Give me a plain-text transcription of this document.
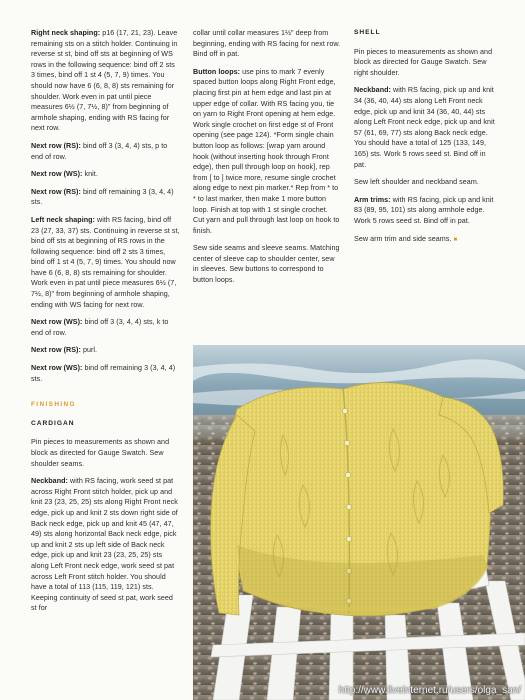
Right neck shaping: p16 (17, 21, 23). Leave remaining sts on a stitch holder. Continuing in reverse st st, bind off sts at beginning of WS rows in the following sequence: bind off 2 sts 3 times, bind off 1 st 4 (5, 7, 9) times. You should now have 6 (6, 8, 8) sts remaining for shoulder. Work even in pat until piece measures 6½ (7, 7½, 8)" from beginning of armhole shaping, ending with RS facing for next row.

Next row (RS): bind off 3 (3, 4, 4) sts, p to end of row.

Next row (WS): knit.

Next row (RS): bind off remaining 3 (3, 4, 4) sts.

Left neck shaping: with RS facing, bind off 23 (27, 33, 37) sts. Continuing in reverse st st, bind off sts at beginning of RS rows in the following sequence: bind off 2 sts 3 times, bind off 1 st 4 (5, 7, 9) times. You should now have 6 (6, 8, 8) sts remaining for shoulder. Work even in pat until piece measures 6½ (7, 7½, 8)" from beginning of armhole shaping, ending with WS facing for next row.

Next row (WS): bind off 3 (3, 4, 4) sts, k to end of row.

Next row (RS): purl.

Next row (WS): bind off remaining 3 (3, 4, 4) sts.

FINISHING
CARDIGAN

Pin pieces to measurements as shown and block as directed for Gauge Swatch. Sew shoulder seams.

Neckband: with RS facing, work seed st pat across Right Front stitch holder, pick up and knit 23 (23, 25, 25) sts along Right Front neck edge, pick up and knit 2 sts down right side of Back neck edge, pick up and knit 45 (47, 47, 49) sts along horizontal Back neck edge, pick up and knit 2 sts up left side of Back neck edge, pick up and knit 23 (23, 25, 25) sts along Left Front neck edge, work seed st pat across Left Front stitch holder. You should have a total of 113 (115, 119, 121) sts. Keeping continuity of seed st pat, work seed st for

collar until collar measures 1½" deep from beginning, ending with RS facing for next row. Bind off in pat.

Button loops: use pins to mark 7 evenly spaced button loops along Right Front edge, placing first pin at hem edge and last pin at upper edge of collar. With RS facing you, tie on yarn to Right Front opening at hem edge. Work single crochet on first edge st of Front opening (see page 124). *Form single chain button loop as follows: [wrap yarn around hook (without inserting hook through Front edge), then pull through loop on hook], rep from [ to ] twice more, resume single crochet along edge to next pin marker.* Rep from * to * to last marker, then make 1 more button loop. Finish at top with 1 st single crochet. Cut yarn and pull through last loop on hook to finish.

Sew side seams and sleeve seams. Matching center of sleeve cap to shoulder center, sew in sleeves. Sew buttons to correspond to button loops.

SHELL

Pin pieces to measurements as shown and block as directed for Gauge Swatch. Sew right shoulder.

Neckband: with RS facing, pick up and knit 34 (36, 40, 44) sts along Left Front neck edge, pick up and knit 34 (36, 40, 44) sts along Left Front neck edge, pick up and knit 57 (61, 69, 77) sts along Back neck edge. You should have a total of 125 (133, 149, 165) sts. Work 5 rows seed st. Bind off in pat.

Sew left shoulder and neckband seam.

Arm trims: with RS facing, pick up and knit 83 (89, 95, 101) sts along armhole edge. Work 5 rows seed st. Bind off in pat.

Sew arm trim and side seams. ■

http://www.liveinternet.ru/users/olga_san/
